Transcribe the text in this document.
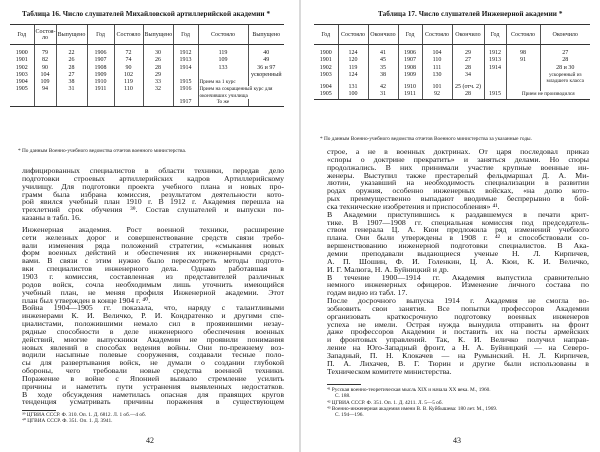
Таблица 16. Число слушателей Михайловской артиллерийской академии *
Год	Состоя-ло	Выпущено	Год	Состояло	Выпущено	Год	Состояло	Выпущено

1900	79	22	1906	72	30	1912	119	40
1901	82	26	1907	74	26	1913	109	49
1902	90	28	1908	90	28	1914	133	36 и 97
1903	104	27	1909	102	29			ускоренный
1904	109	38	1910	119	33	1915	Прием на 1 курс	
1905	94	31	1911	110	32	1916	Прием на сокращенный курс для окончивших училища	
						1917	То же	
* По данным Военно-учебного ведомства отчетов военного министерства.
лифицированных специалистов в области техники, передав дело
подготовки строевых артиллерийских кадров Артиллерийскому
училищу. Для подготовки проекта учебного плана и новых про-
грамм была избрана комиссия, результатом деятельности кото-
рой явился учебный план 1910 г. В 1912 г. Академия перешла на
трехлетний срок обучения ³⁹. Состав слушателей и выпуски по-
казаны в табл. 16.
Инженерная академия. Рост военной техники, расширение
сети железных дорог и совершенствование средств связи требо-
вали изменения ряда положений стратегии, «смыкания новых
форм военных действий и обеспечения их инженерными средст-
вами. В связи с этим нужно было пересмотреть методы подгото-
вки специалистов инженерного дела. Однако работавшая в
1903 г. комиссия, составленная из представителей различных
родов войск, сочла необходимым лишь уточнить имеющийся
учебный план, не меняя профиля Инженерной академии. Этот
план был утвержден в конце 1904 г. ⁴⁰.
Война 1904—1905 гг. показала, что, наряду с талантливыми
инженерами К. И. Величко, Р. И. Кондратенко и другими спе-
циалистами, положившими немало сил в проявившими незау-
рядные способности в деле инженерного обеспечения военных
действий, многие выпускники Академии не проявили понимания
новых явлений в способах ведения войны. Они по-прежнему воз-
водили насыпные полевые сооружения, создавали тесные поло-
сы для развертывания войск, не думали о создании глубокой
обороны, чего требовали новые средства военной техники.
Поражение в войне с Японией вызвало стремление усилить
причины и наметить пути устранения выявленных недостатков.
В ходе обсуждения наметилась опасная для правящих кругов
тенденция усматривать причины поражения в существующем
³⁹ ЦГВИА СССР. Ф. 310. Оп. 1. Д. 6812. Л. 1 об.—4 об.
⁴⁰ ЦГВИА СССР. Ф. 351. Оп. 1. Д. 3941.
42
Таблица 17. Число слушателей Инженерной академии *
Год	Состояло	Окончило	Год	Состояло	Окончило	Год	Состояло	Окончило

1900	124	41	1906	104	29	1912	98	27
1901	120	45	1907	110	27	1913	91	28
1902	119	35	1908	111	28	1914		28 и 30
1903	124	38	1909	130	34			ускоренный из младшего класса
1904	131	42	1910	101	25 (отч. 2)			
1905	100	31	1911	92	28	1915	Прием не производился	
* По данным Военно-учебного ведомства отчетов Военного министерства за указанные годы.
строе, а не в военных доктринах. От царя последовал приказ
«споры о доктрине прекратить» и заняться делами. Но споры
продолжались. В них принимали участие крупные военные ин-
женеры. Выступил также престарелый фельдмаршал Д. А. Ми-
лютин, указавший на необходимость специализации в развитии
родах оружия, особенно инженерных войсках, «на долю кото-
рых преимущественно выпадают вводимые беспрерывно в бой-
ска технические изобретения и приспособления» ⁴¹.
В Академии приступившись к раздавшемуся в печати крит-
тике. В 1907—1908 гг. специальная комиссия под председатель-
ством генерала Ц. А. Кюи предложила ряд изменений учебного
плана. Они были утверждены в 1908 г. ⁴² и способствовали со-
вершенствованию инженерной подготовки специалистов. В Ака-
демии преподавали выдающиеся ученые Н. Л. Кирпичев,
А. П. Шошин, Ф. И. Голенкин, Ц. А. Кюи, К. И. Величко,
И. Г. Малюга, Н. А. Буйницкий и др.
В течение 1900—1914 гг. Академия выпустила сравнительно
немного инженерных офицеров. Изменение личного состава по
годам видно из табл. 17.
После досрочного выпуска 1914 г. Академия не смогла во-
зобновить свои занятия. Все попытки профессоров Академии
организовать краткосрочную подготовку военных инженеров
успеха не имели. Острая нужда вынудила отправить на фронт
даже профессоров Академии и поставить их на посты армейских
и фронтовых управлений. Так, К. И. Величко получил направ-
ление на Юго-Западный фронт, а Н. А. Буйницкий — на Северо-
Западный, П. Н. Клокачев — на Румынский. Н. Л. Кирпичев,
П. А. Лихачев, В. Г. Тюрин и другие были использованы в
Техническом комитете министерства.
⁴¹ Русская военно-теоретическая мысль XIX и начала XX века. М., 1960.
С. 188.
⁴² ЦГВИА СССР. Ф. 351. Оп. 1. Д. 4211. Л. 5—5 об.
⁴³ Военно-инженерная академия имени В. В. Куйбышева: 180 лет. М., 1969.
С. 194—196.
43
